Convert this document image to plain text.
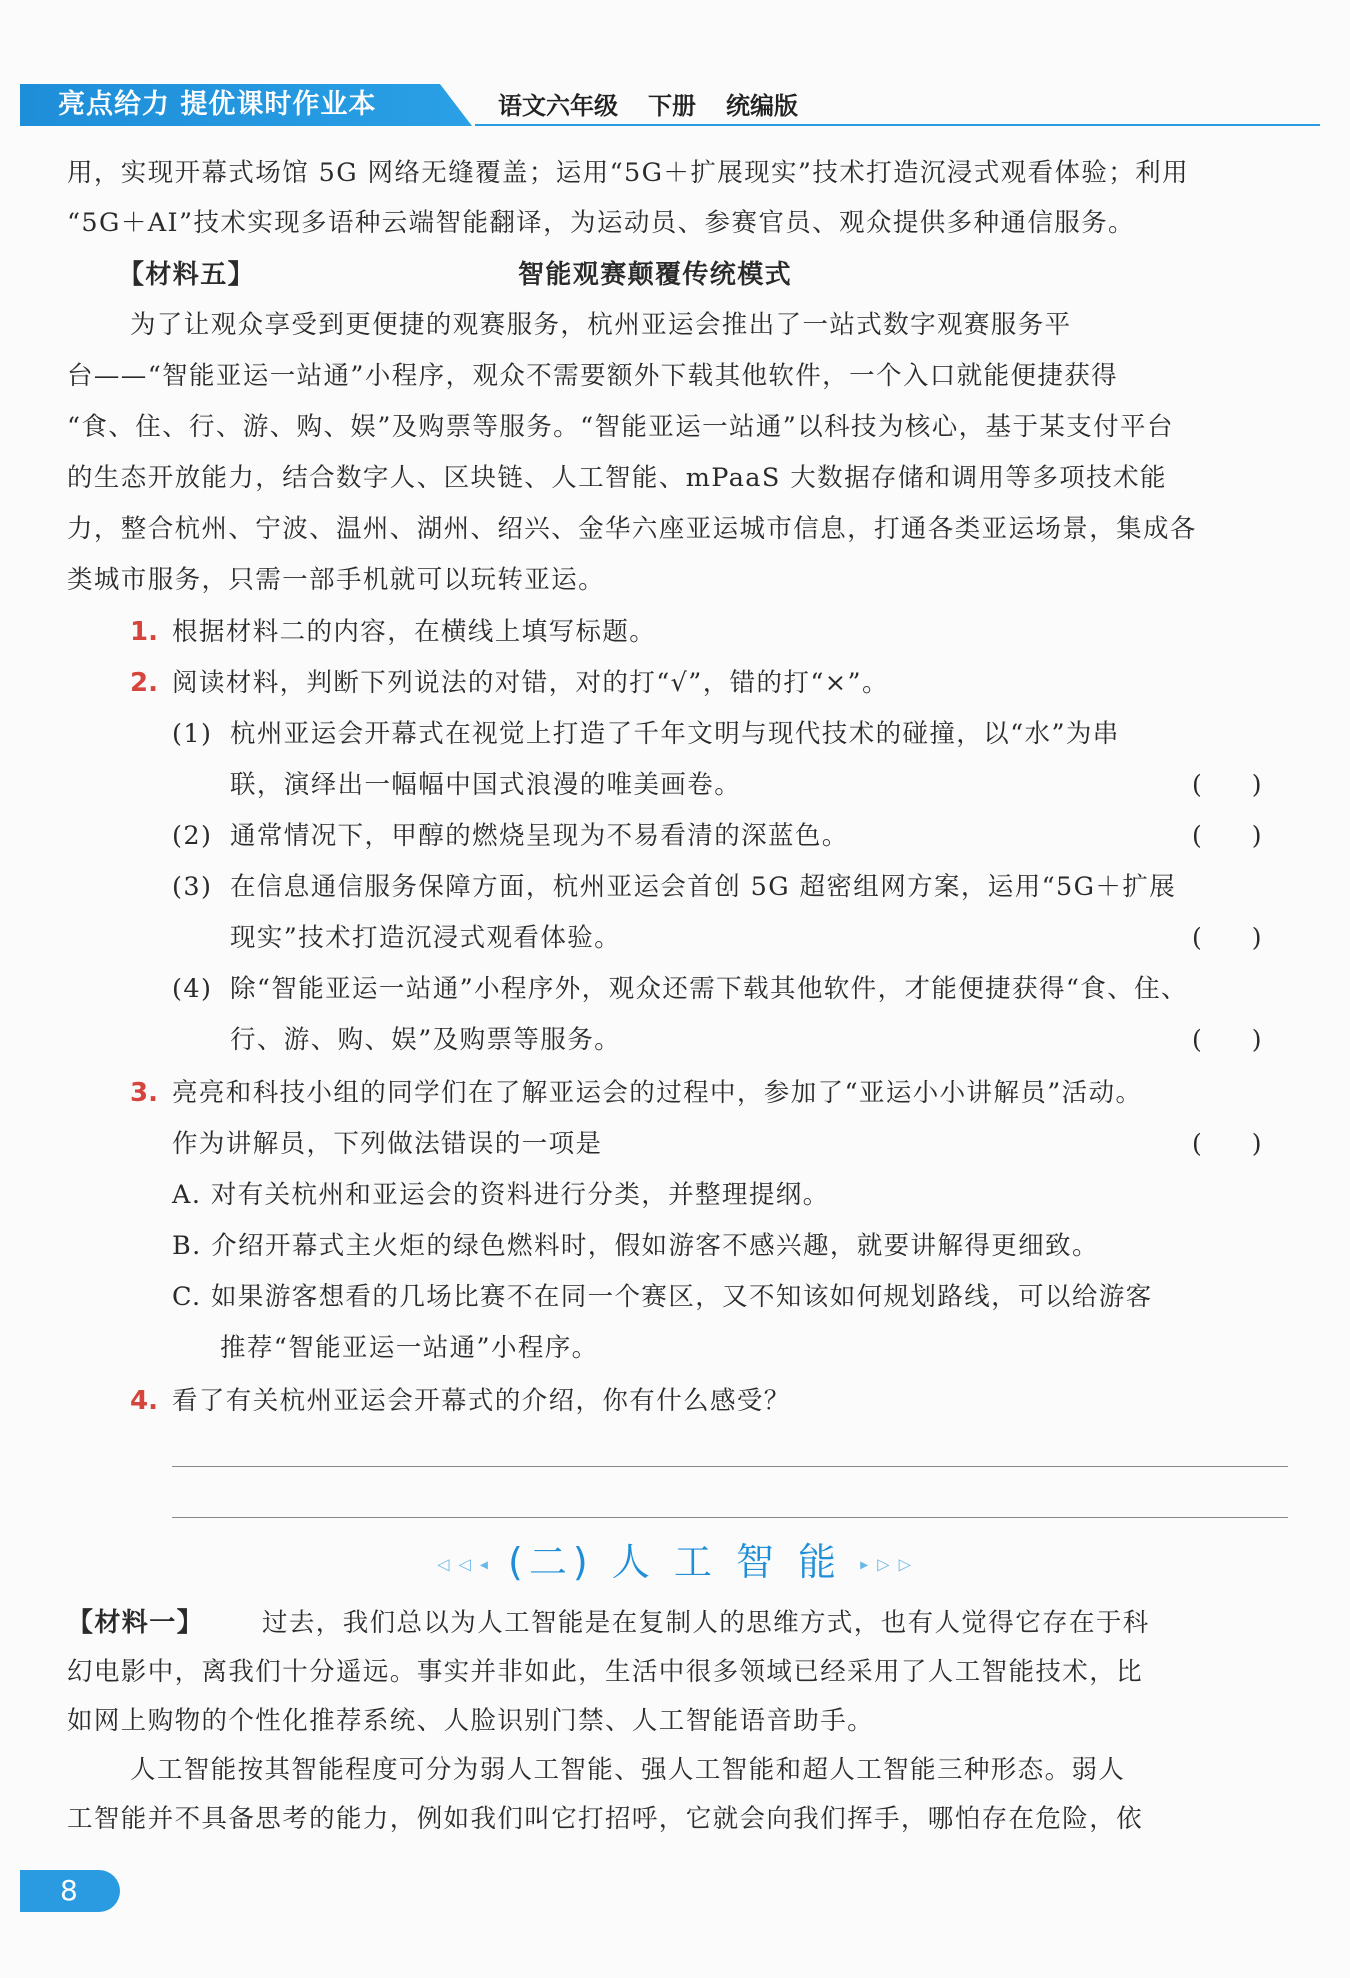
亮点给力 提优课时作业本	语文六年级 下册 统编版
用，实现开幕式场馆 5G 网络无缝覆盖；运用“5G＋扩展现实”技术打造沉浸式观看体验；利用
“5G＋AI”技术实现多语种云端智能翻译，为运动员、参赛官员、观众提供多种通信服务。
【材料五】	智能观赛颠覆传统模式
为了让观众享受到更便捷的观赛服务，杭州亚运会推出了一站式数字观赛服务平
台——“智能亚运一站通”小程序，观众不需要额外下载其他软件，一个入口就能便捷获得
“食、住、行、游、购、娱”及购票等服务。“智能亚运一站通”以科技为核心，基于某支付平台
的生态开放能力，结合数字人、区块链、人工智能、mPaaS 大数据存储和调用等多项技术能
力，整合杭州、宁波、温州、湖州、绍兴、金华六座亚运城市信息，打通各类亚运场景，集成各
类城市服务，只需一部手机就可以玩转亚运。
1. 根据材料二的内容，在横线上填写标题。
2. 阅读材料，判断下列说法的对错，对的打“√”，错的打“×”。
(1) 杭州亚运会开幕式在视觉上打造了千年文明与现代技术的碰撞，以“水”为串
联，演绎出一幅幅中国式浪漫的唯美画卷。	(　　)
(2) 通常情况下，甲醇的燃烧呈现为不易看清的深蓝色。	(　　)
(3) 在信息通信服务保障方面，杭州亚运会首创 5G 超密组网方案，运用“5G＋扩展
现实”技术打造沉浸式观看体验。	(　　)
(4) 除“智能亚运一站通”小程序外，观众还需下载其他软件，才能便捷获得“食、住、
行、游、购、娱”及购票等服务。	(　　)
3. 亮亮和科技小组的同学们在了解亚运会的过程中，参加了“亚运小小讲解员”活动。
作为讲解员，下列做法错误的一项是	(　　)
A. 对有关杭州和亚运会的资料进行分类，并整理提纲。
B. 介绍开幕式主火炬的绿色燃料时，假如游客不感兴趣，就要讲解得更细致。
C. 如果游客想看的几场比赛不在同一个赛区，又不知该如何规划路线，可以给游客
推荐“智能亚运一站通”小程序。
4. 看了有关杭州亚运会开幕式的介绍，你有什么感受？
◁ ◁ ◂ (二) 人 工 智 能 ▸ ▷ ▷
【材料一】 过去，我们总以为人工智能是在复制人的思维方式，也有人觉得它存在于科
幻电影中，离我们十分遥远。事实并非如此，生活中很多领域已经采用了人工智能技术，比
如网上购物的个性化推荐系统、人脸识别门禁、人工智能语音助手。
人工智能按其智能程度可分为弱人工智能、强人工智能和超人工智能三种形态。弱人
工智能并不具备思考的能力，例如我们叫它打招呼，它就会向我们挥手，哪怕存在危险，依
8
